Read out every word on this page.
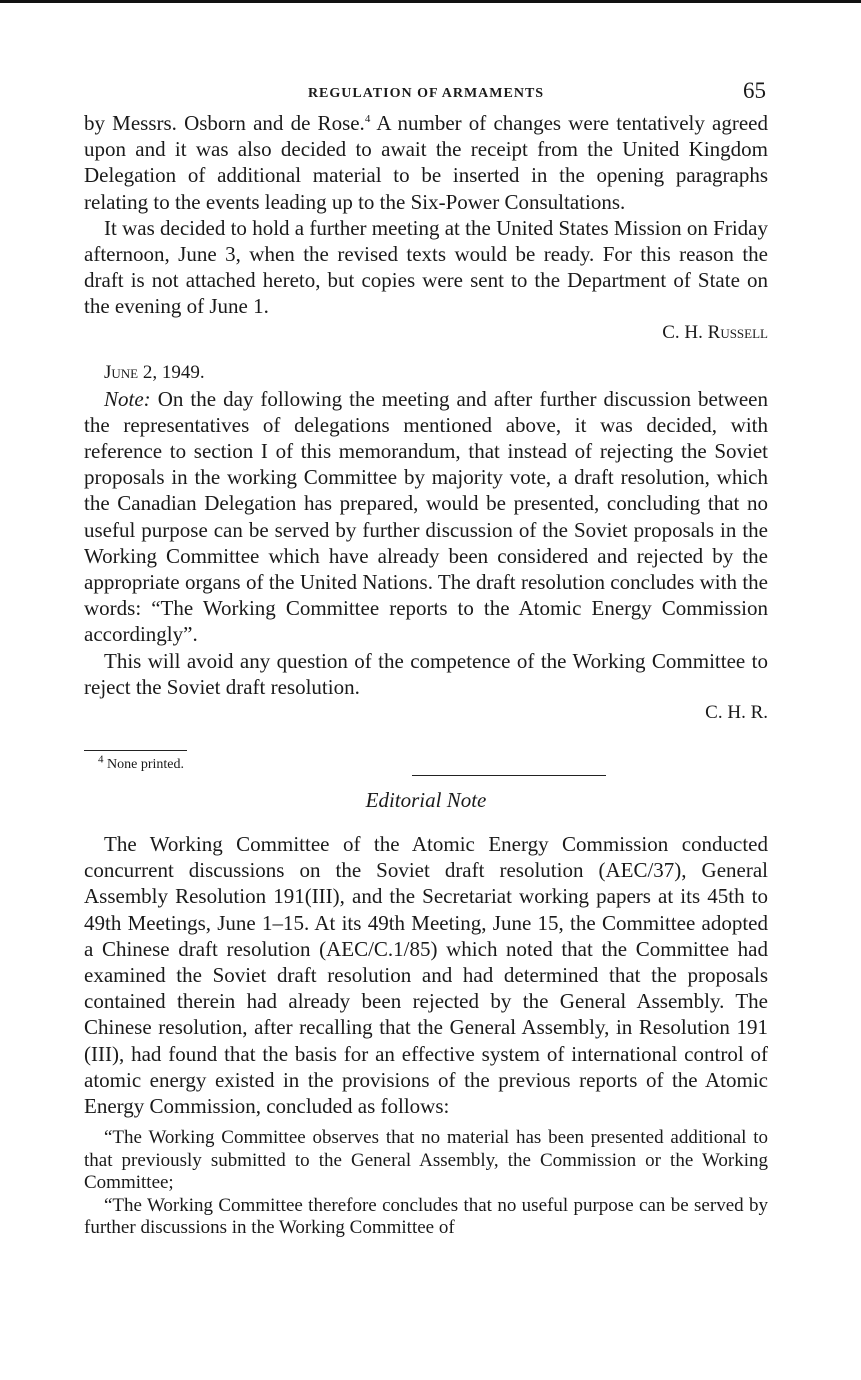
REGULATION OF ARMAMENTS	65

by Messrs. Osborn and de Rose.$^4$ A number of changes were tentatively agreed upon and it was also decided to await the receipt from the United Kingdom Delegation of additional material to be inserted in the opening paragraphs relating to the events leading up to the Six-Power Consultations.

It was decided to hold a further meeting at the United States Mission on Friday afternoon, June 3, when the revised texts would be ready. For this reason the draft is not attached hereto, but copies were sent to the Department of State on the evening of June 1.

C. H. Russell

June 2, 1949.

Note: On the day following the meeting and after further discussion between the representatives of delegations mentioned above, it was decided, with reference to section I of this memorandum, that instead of rejecting the Soviet proposals in the working Committee by majority vote, a draft resolution, which the Canadian Delegation has prepared, would be presented, concluding that no useful purpose can be served by further discussion of the Soviet proposals in the Working Committee which have already been considered and rejected by the appropriate organs of the United Nations. The draft resolution concludes with the words: “The Working Committee reports to the Atomic Energy Commission accordingly”.

This will avoid any question of the competence of the Working Committee to reject the Soviet draft resolution.

C. H. R.

$^4$ None printed.

Editorial Note

The Working Committee of the Atomic Energy Commission conducted concurrent discussions on the Soviet draft resolution (AEC/37), General Assembly Resolution 191(III), and the Secretariat working papers at its 45th to 49th Meetings, June 1–15. At its 49th Meeting, June 15, the Committee adopted a Chinese draft resolution (AEC/C.1/85) which noted that the Committee had examined the Soviet draft resolution and had determined that the proposals contained therein had already been rejected by the General Assembly. The Chinese resolution, after recalling that the General Assembly, in Resolution 191 (III), had found that the basis for an effective system of international control of atomic energy existed in the provisions of the previous reports of the Atomic Energy Commission, concluded as follows:

“The Working Committee observes that no material has been presented additional to that previously submitted to the General Assembly, the Commission or the Working Committee;

“The Working Committee therefore concludes that no useful purpose can be served by further discussions in the Working Committee of
